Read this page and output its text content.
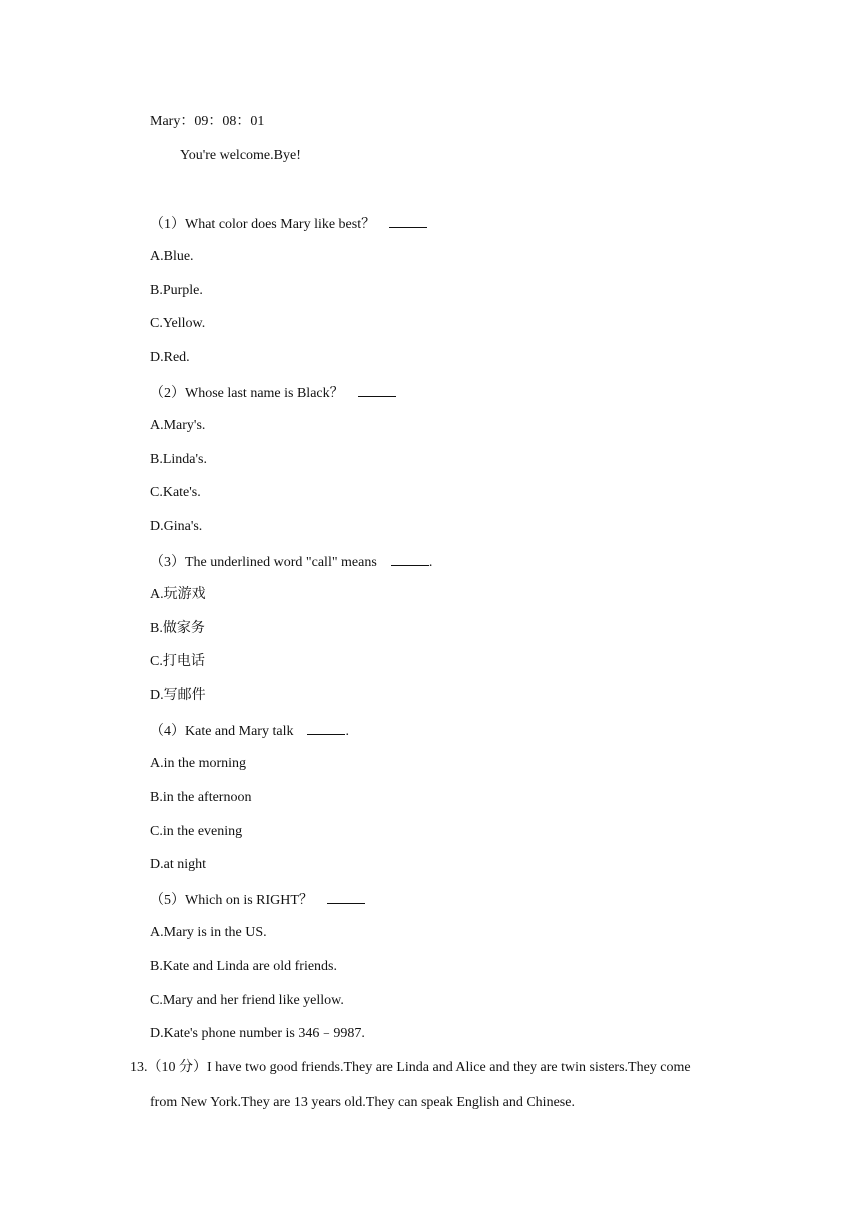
Mary：09：08：01
You're welcome.Bye!
（1）What color does Mary like best？
A.Blue.
B.Purple.
C.Yellow.
D.Red.
（2）Whose last name is Black？
A.Mary's.
B.Linda's.
C.Kate's.
D.Gina's.
（3）The underlined word "call" means	.
A.玩游戏
B.做家务
C.打电话
D.写邮件
（4）Kate and Mary talk	.
A.in the morning
B.in the afternoon
C.in the evening
D.at night
（5）Which on is RIGHT？
A.Mary is in the US.
B.Kate and Linda are old friends.
C.Mary and her friend like yellow.
D.Kate's phone number is 346﹣9987.
13.（10 分）I have two good friends.They are Linda and Alice and they are twin sisters.They come
from New York.They are 13 years old.They can speak English and Chinese.
